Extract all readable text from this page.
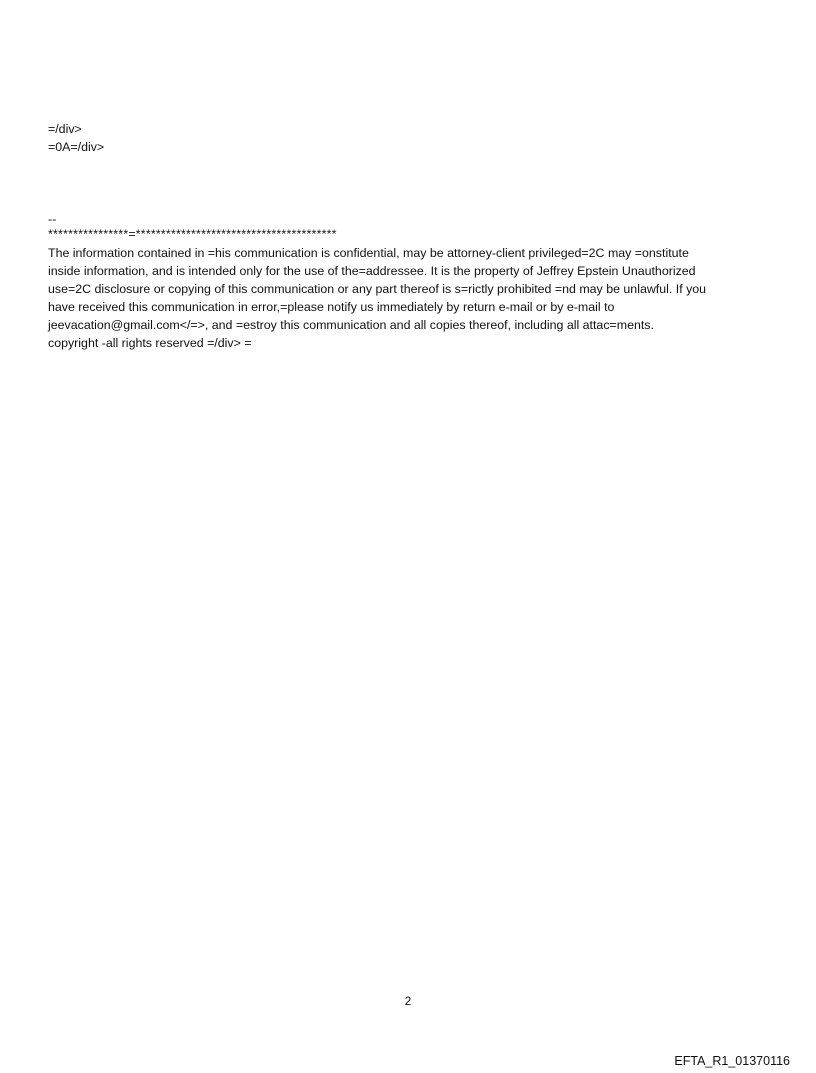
=/div>
=0A=/div>
--
****************=****************************************
The information contained in =his communication is confidential, may be attorney-client privileged=2C may =onstitute
inside information, and is intended only for the use of the=addressee. It is the property of Jeffrey Epstein Unauthorized
use=2C disclosure or copying of this communication or any part thereof is s=rictly prohibited =nd may be unlawful. If you
have received this communication in error,=please notify us immediately by return e-mail or by e-mail to
jeevacation@gmail.com</=>, and =estroy this communication and all copies thereof, including all attac=ments.
copyright -all rights reserved =/div> =
2
EFTA_R1_01370116
